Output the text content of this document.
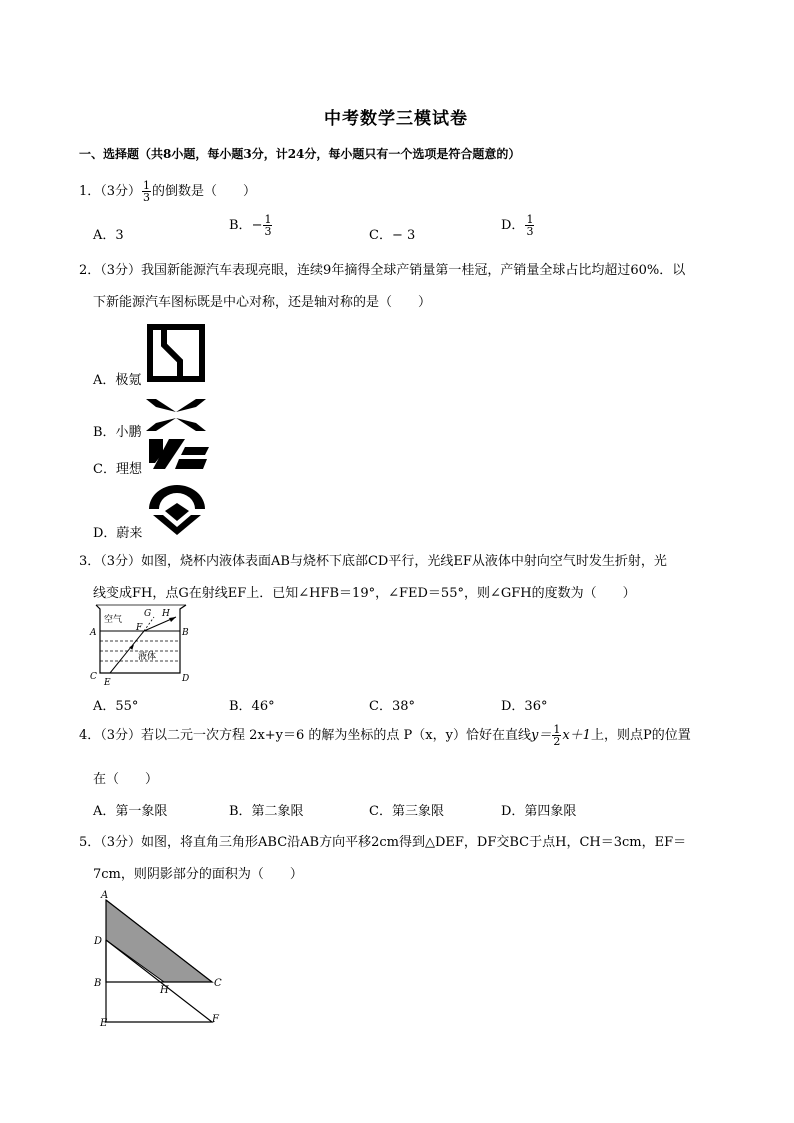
中考数学三模试卷
一、选择题（共8小题，每小题3分，计24分，每小题只有一个选项是符合题意的）
1．（3分） $\frac{1}{3}$ 的倒数是（　　）
A．3
B．− $\frac{1}{3}$	C．− 3
D． $\frac{1}{3}$
2．（3分）我国新能源汽车表现亮眼，连续9年摘得全球产销量第一桂冠，产销量全球占比均超过60%．以
下新能源汽车图标既是中心对称，还是轴对称的是（　　）
A．极氪
B．小鹏
C．理想
D．蔚来
3．（3分）如图，烧杯内液体表面AB与烧杯下底部CD平行，光线EF从液体中射向空气时发生折射，光
线变成FH，点G在射线EF上．已知∠HFB＝19°，∠FED＝55°，则∠GFH的度数为（　　）
空气
液体
A	B
C	D
E
F
G H
A．55°	B．46°	C．38°	D．36°
4．（3分）若以二元一次方程 2x+y＝6 的解为坐标的点 P（x，y）恰好在直线$y= \frac{1}{2} x+1$上，则点P的位置
在（　　）
A．第一象限	B．第二象限	C．第三象限	D．第四象限
5．（3分）如图，将直角三角形ABC沿AB方向平移2cm得到△DEF，DF交BC于点H，CH＝3cm，EF＝
7cm，则阴影部分的面积为（　　）
A
D
B	C
H
E	F
